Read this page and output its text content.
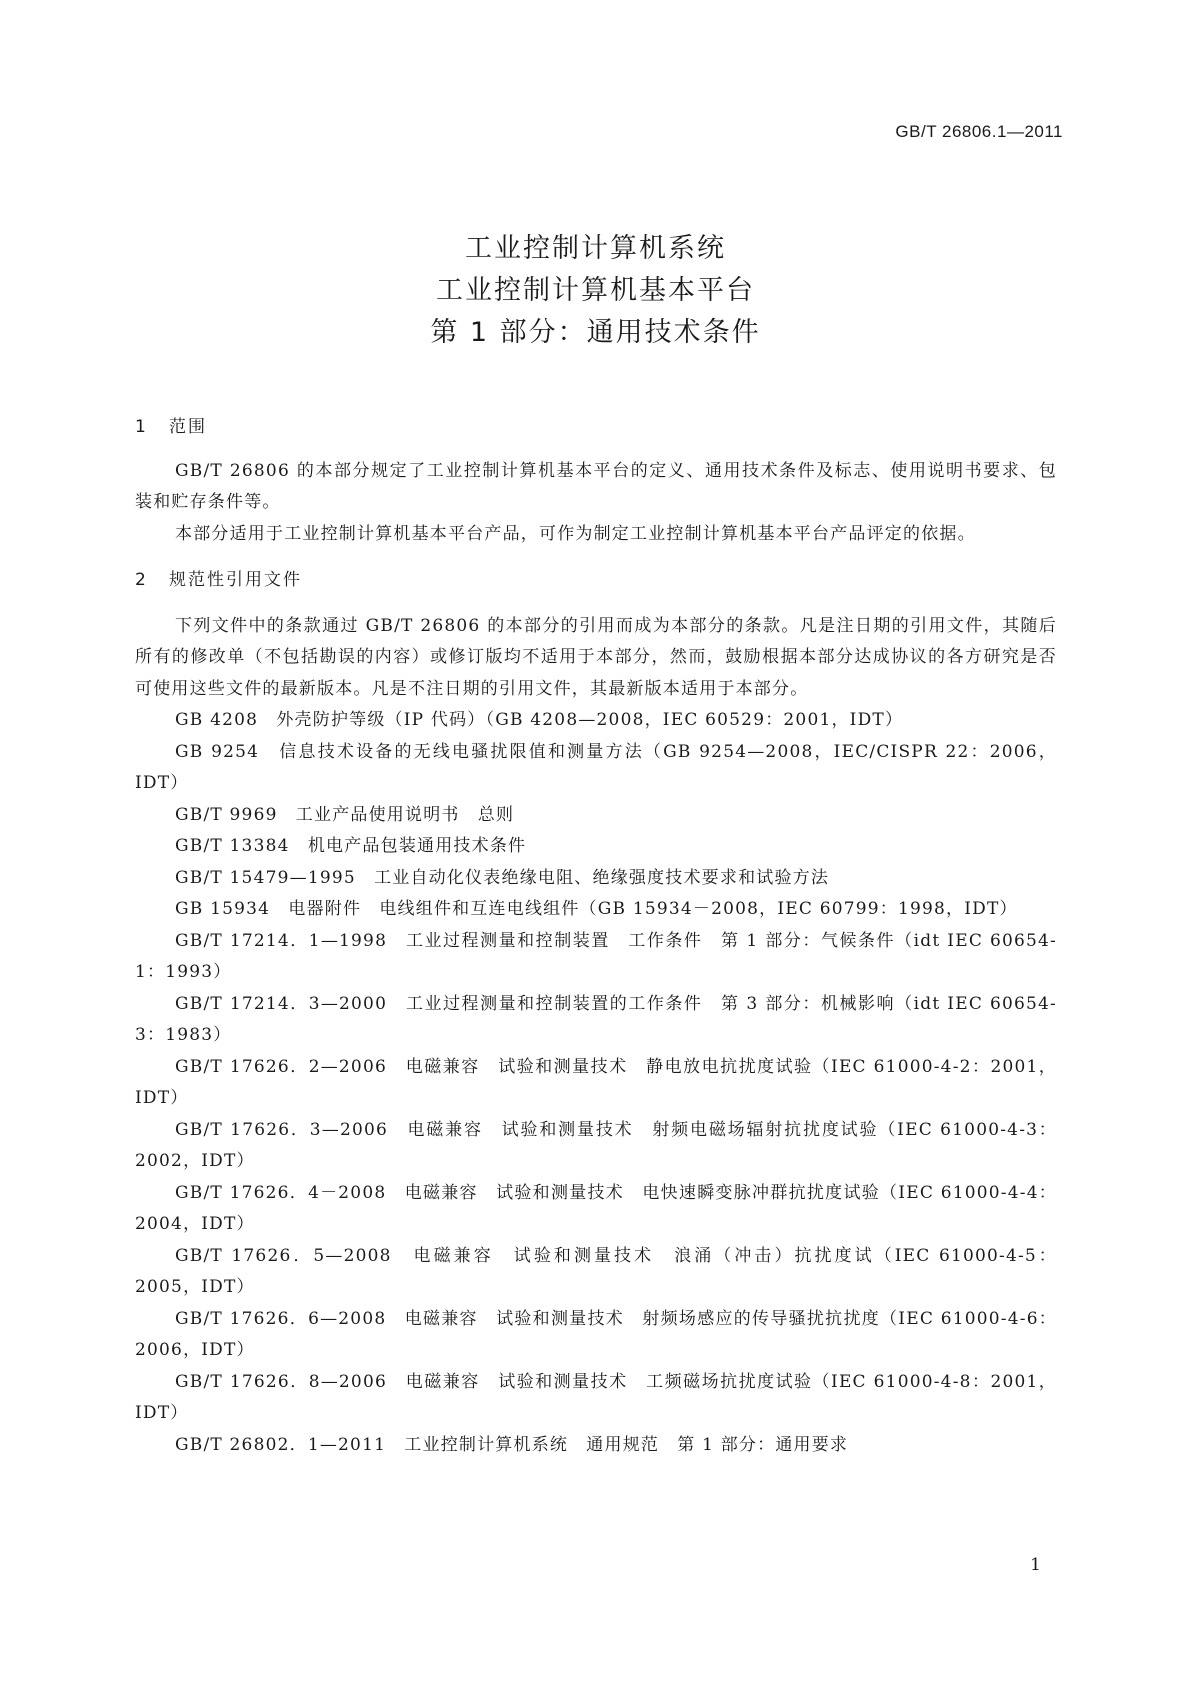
GB/T 26806.1—2011
工业控制计算机系统
工业控制计算机基本平台
第 1 部分：通用技术条件
1 范围
GB/T 26806 的本部分规定了工业控制计算机基本平台的定义、通用技术条件及标志、使用说明书要求、包装和贮存条件等。
本部分适用于工业控制计算机基本平台产品，可作为制定工业控制计算机基本平台产品评定的依据。
2 规范性引用文件
下列文件中的条款通过 GB/T 26806 的本部分的引用而成为本部分的条款。凡是注日期的引用文件，其随后所有的修改单（不包括勘误的内容）或修订版均不适用于本部分，然而，鼓励根据本部分达成协议的各方研究是否可使用这些文件的最新版本。凡是不注日期的引用文件，其最新版本适用于本部分。
GB 4208　外壳防护等级（IP 代码）（GB 4208—2008，IEC 60529：2001，IDT）
GB 9254　信息技术设备的无线电骚扰限值和测量方法（GB 9254—2008，IEC/CISPR 22：2006，IDT）
GB/T 9969　工业产品使用说明书　总则
GB/T 13384　机电产品包装通用技术条件
GB/T 15479—1995　工业自动化仪表绝缘电阻、绝缘强度技术要求和试验方法
GB 15934　电器附件　电线组件和互连电线组件（GB 15934－2008，IEC 60799：1998，IDT）
GB/T 17214．1—1998　工业过程测量和控制装置　工作条件　第 1 部分：气候条件（idt IEC 60654-1：1993）
GB/T 17214．3—2000　工业过程测量和控制装置的工作条件　第 3 部分：机械影响（idt IEC 60654-3：1983）
GB/T 17626．2—2006　电磁兼容　试验和测量技术　静电放电抗扰度试验（IEC 61000-4-2：2001，IDT）
GB/T 17626．3—2006　电磁兼容　试验和测量技术　射频电磁场辐射抗扰度试验（IEC 61000-4-3：2002，IDT）
GB/T 17626．4－2008　电磁兼容　试验和测量技术　电快速瞬变脉冲群抗扰度试验（IEC 61000-4-4：2004，IDT）
GB/T 17626．5—2008　电磁兼容　试验和测量技术　浪涌（冲击）抗扰度试（IEC 61000-4-5：2005，IDT）
GB/T 17626．6—2008　电磁兼容　试验和测量技术　射频场感应的传导骚扰抗扰度（IEC 61000-4-6：2006，IDT）
GB/T 17626．8—2006　电磁兼容　试验和测量技术　工频磁场抗扰度试验（IEC 61000-4-8：2001，IDT）
GB/T 26802．1—2011　工业控制计算机系统　通用规范　第 1 部分：通用要求
1
